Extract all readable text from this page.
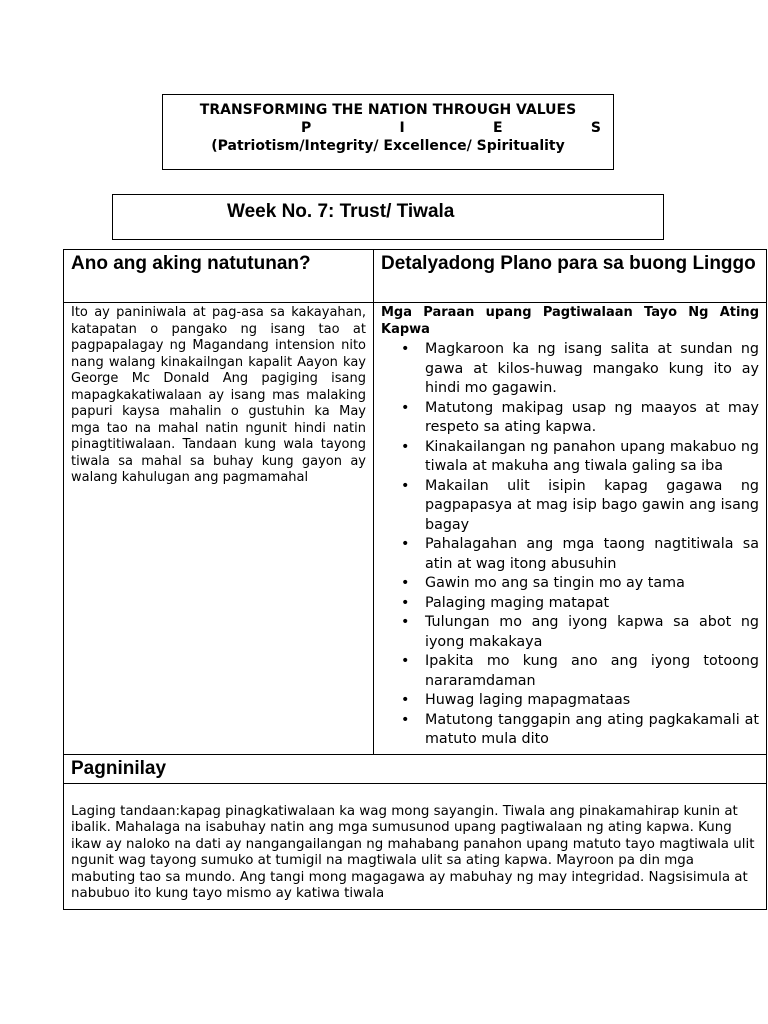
TRANSFORMING THE NATION THROUGH VALUES
P	I	E	S
(Patriotism/Integrity/ Excellence/ Spirituality
Week No. 7: Trust/ Tiwala
Ano ang aking natutunan?	Detalyadong Plano para sa buong Linggo
Ito ay paniniwala at pag-asa sa kakayahan, katapatan o pangako ng isang tao at pagpapalagay ng Magandang intension nito nang walang kinakailngan kapalit Aayon kay George Mc Donald Ang pagiging isang mapagkakatiwalaan ay isang mas malaking papuri kaysa mahalin o gustuhin ka May mga tao na mahal natin ngunit hindi natin pinagtitiwalaan. Tandaan kung wala tayong tiwala sa mahal sa buhay kung gayon ay walang kahulugan ang pagmamahal
Mga Paraan upang Pagtiwalaan Tayo Ng Ating Kapwa
• Magkaroon ka ng isang salita at sundan ng gawa at kilos-huwag mangako kung ito ay hindi mo gagawin.
• Matutong makipag usap ng maayos at may respeto sa ating kapwa.
• Kinakailangan ng panahon upang makabuo ng tiwala at makuha ang tiwala galing sa iba
• Makailan ulit isipin kapag gagawa ng pagpapasya at mag isip bago gawin ang isang bagay
• Pahalagahan ang mga taong nagtitiwala sa atin at wag itong abusuhin
• Gawin mo ang sa tingin mo ay tama
• Palaging maging matapat
• Tulungan mo ang iyong kapwa sa abot ng iyong makakaya
• Ipakita mo kung ano ang iyong totoong nararamdaman
• Huwag laging mapagmataas
• Matutong tanggapin ang ating pagkakamali at matuto mula dito
Pagninilay
Laging tandaan:kapag pinagkatiwalaan ka wag mong sayangin. Tiwala ang pinakamahirap kunin at ibalik. Mahalaga na isabuhay natin ang mga sumusunod upang pagtiwalaan ng ating kapwa. Kung ikaw ay naloko na dati ay nangangailangan ng mahabang panahon upang matuto tayo magtiwala ulit ngunit wag tayong sumuko at tumigil na magtiwala ulit sa ating kapwa. Mayroon pa din mga mabuting tao sa mundo. Ang tangi mong magagawa ay mabuhay ng may integridad. Nagsisimula at nabubuo ito kung tayo mismo ay katiwa tiwala
